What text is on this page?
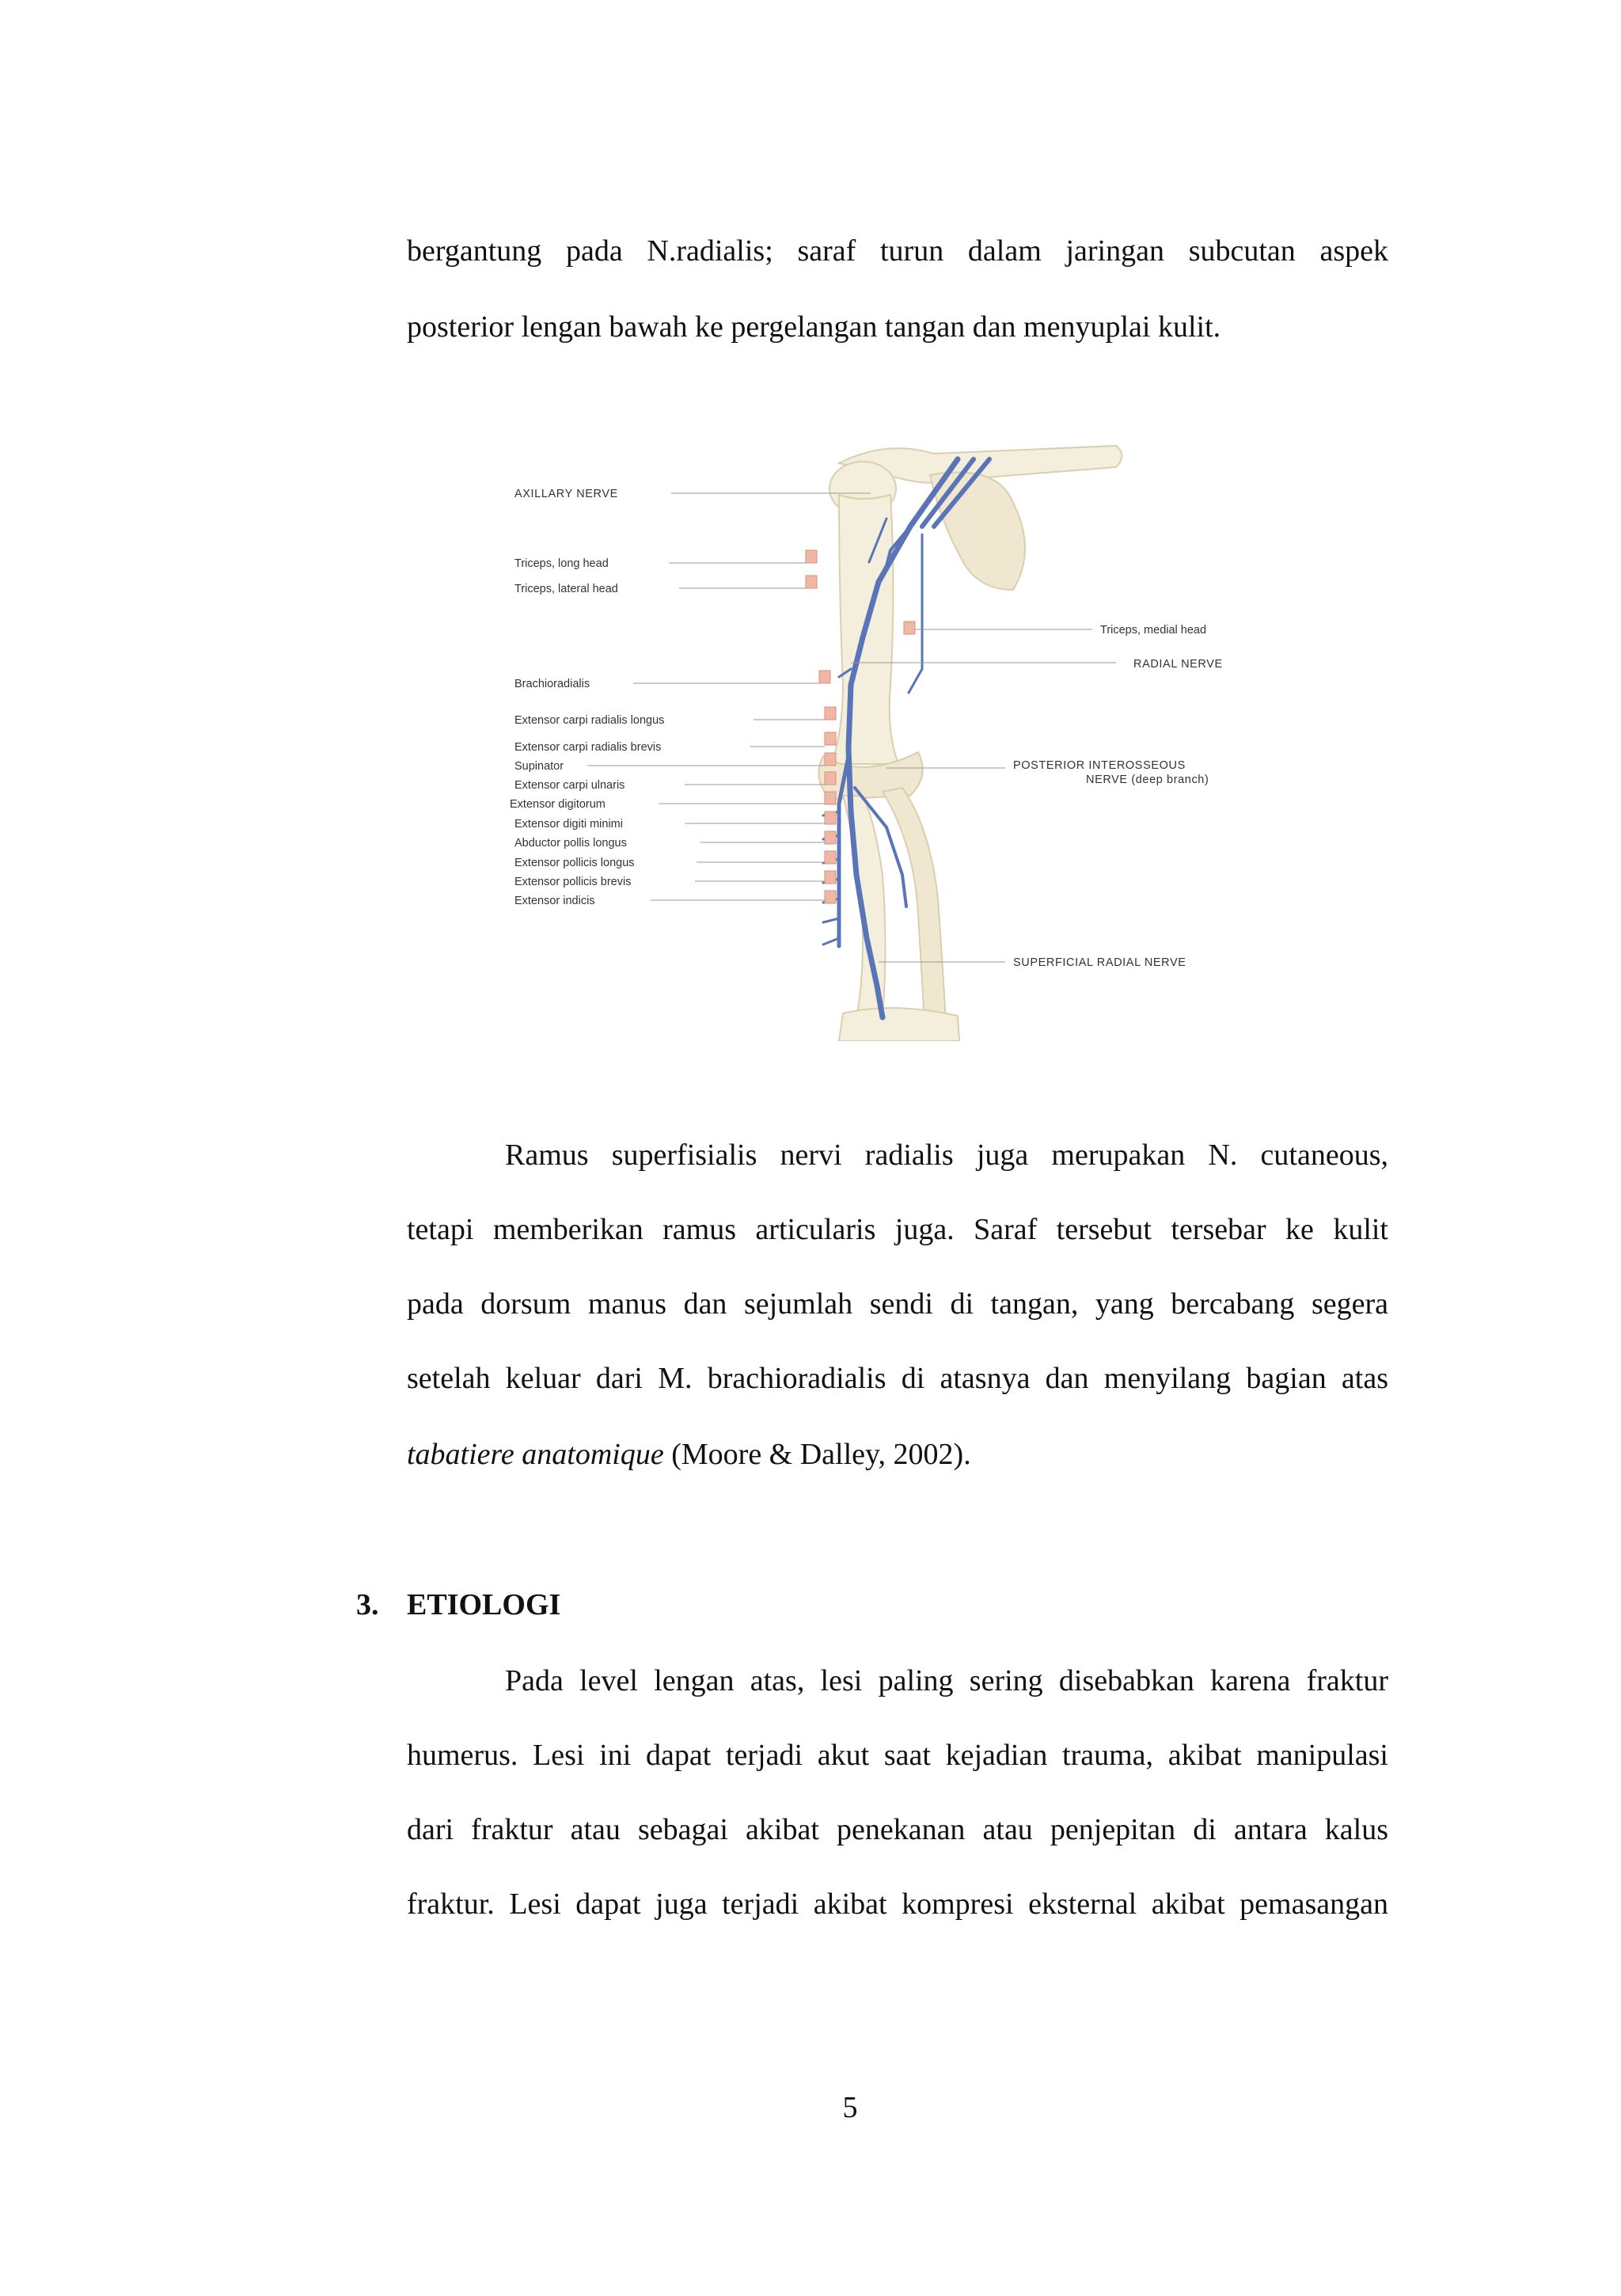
bergantung pada N.radialis; saraf turun dalam jaringan subcutan aspek
posterior lengan bawah ke pergelangan tangan dan menyuplai kulit.
AXILLARY NERVE
Triceps, long head
Triceps, lateral head
Brachioradialis
Extensor carpi radialis longus
Extensor carpi radialis brevis
Supinator
Extensor carpi ulnaris
Extensor digitorum
Extensor digiti minimi
Abductor pollis longus
Extensor pollicis longus
Extensor pollicis brevis
Extensor indicis
Triceps, medial head
RADIAL NERVE
POSTERIOR INTEROSSEOUS
NERVE (deep branch)
SUPERFICIAL RADIAL NERVE
Ramus superfisialis nervi radialis juga merupakan N. cutaneous,
tetapi memberikan ramus articularis juga. Saraf tersebut tersebar ke kulit
pada dorsum manus dan sejumlah sendi di tangan, yang bercabang segera
setelah keluar dari M. brachioradialis di atasnya dan menyilang bagian atas
tabatiere anatomique (Moore & Dalley, 2002).
3. ETIOLOGI
Pada level lengan atas, lesi paling sering disebabkan karena fraktur
humerus. Lesi ini dapat terjadi akut saat kejadian trauma, akibat manipulasi
dari fraktur atau sebagai akibat penekanan atau penjepitan di antara kalus
fraktur. Lesi dapat juga terjadi akibat kompresi eksternal akibat pemasangan
5
